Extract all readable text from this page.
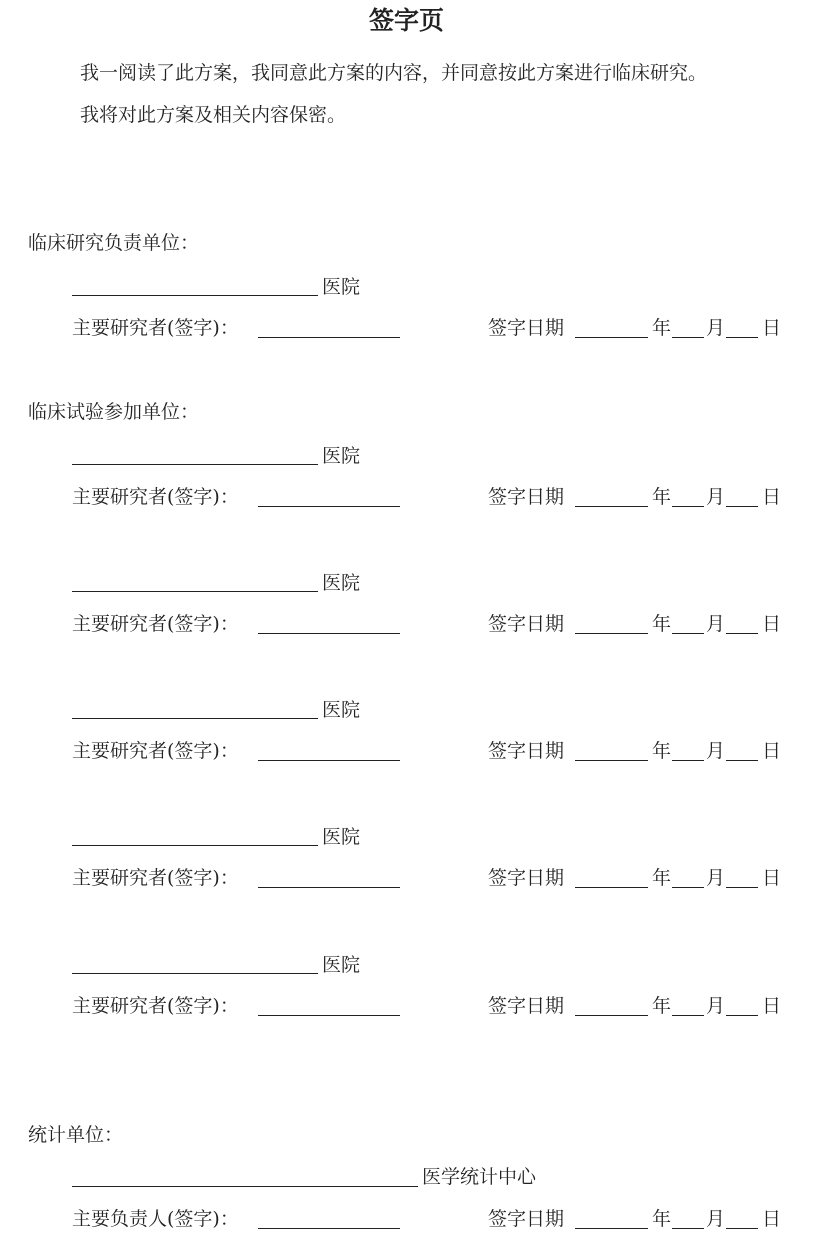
签字页
我一阅读了此方案，我同意此方案的内容，并同意按此方案进行临床研究。
我将对此方案及相关内容保密。
临床研究负责单位：
临床试验参加单位：
统计单位：
医院
主要研究者(签字)：	签字日期	年 月 日
医院
主要研究者(签字)：	签字日期	年 月 日
医院
主要研究者(签字)：	签字日期	年 月 日
医院
主要研究者(签字)：	签字日期	年 月 日
医院
主要研究者(签字)：	签字日期	年 月 日
医院
主要研究者(签字)：	签字日期	年 月 日
医学统计中心
主要负责人(签字)：	签字日期	年 月 日
